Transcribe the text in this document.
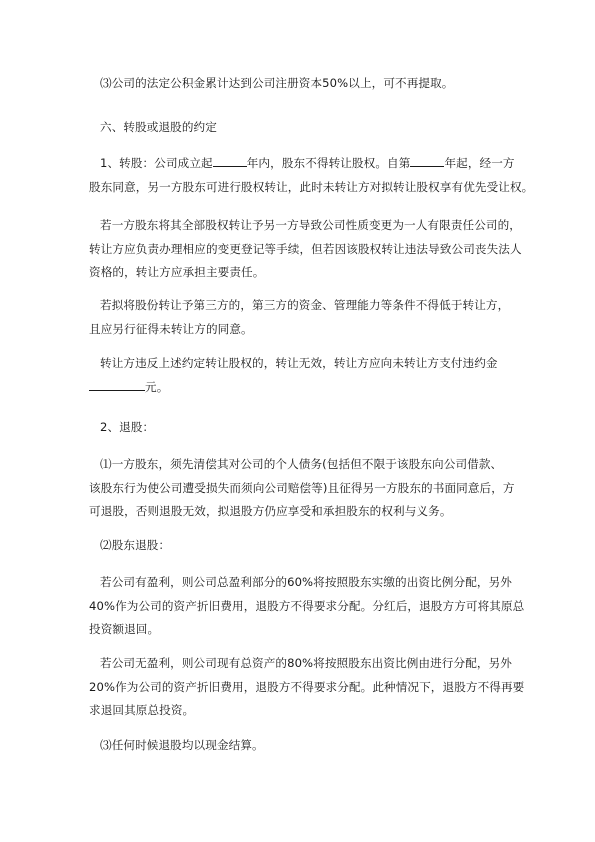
⑶公司的法定公积金累计达到公司注册资本50%以上，可不再提取。
六、转股或退股的约定
1、转股：公司成立起	年内，股东不得转让股权。自第	年起，经一方
股东同意，另一方股东可进行股权转让，此时未转让方对拟转让股权享有优先受让权。
若一方股东将其全部股权转让予另一方导致公司性质变更为一人有限责任公司的，
转让方应负责办理相应的变更登记等手续，但若因该股权转让违法导致公司丧失法人
资格的，转让方应承担主要责任。
若拟将股份转让予第三方的，第三方的资金、管理能力等条件不得低于转让方，
且应另行征得未转让方的同意。
转让方违反上述约定转让股权的，转让无效，转让方应向未转让方支付违约金
元。
2、退股：
⑴一方股东，须先清偿其对公司的个人债务(包括但不限于该股东向公司借款、
该股东行为使公司遭受损失而须向公司赔偿等)且征得另一方股东的书面同意后，方
可退股，否则退股无效，拟退股方仍应享受和承担股东的权利与义务。
⑵股东退股：
若公司有盈利，则公司总盈利部分的60%将按照股东实缴的出资比例分配，另外
40%作为公司的资产折旧费用，退股方不得要求分配。分红后，退股方方可将其原总
投资额退回。
若公司无盈利，则公司现有总资产的80%将按照股东出资比例由进行分配，另外
20%作为公司的资产折旧费用，退股方不得要求分配。此种情况下，退股方不得再要
求退回其原总投资。
⑶任何时候退股均以现金结算。
